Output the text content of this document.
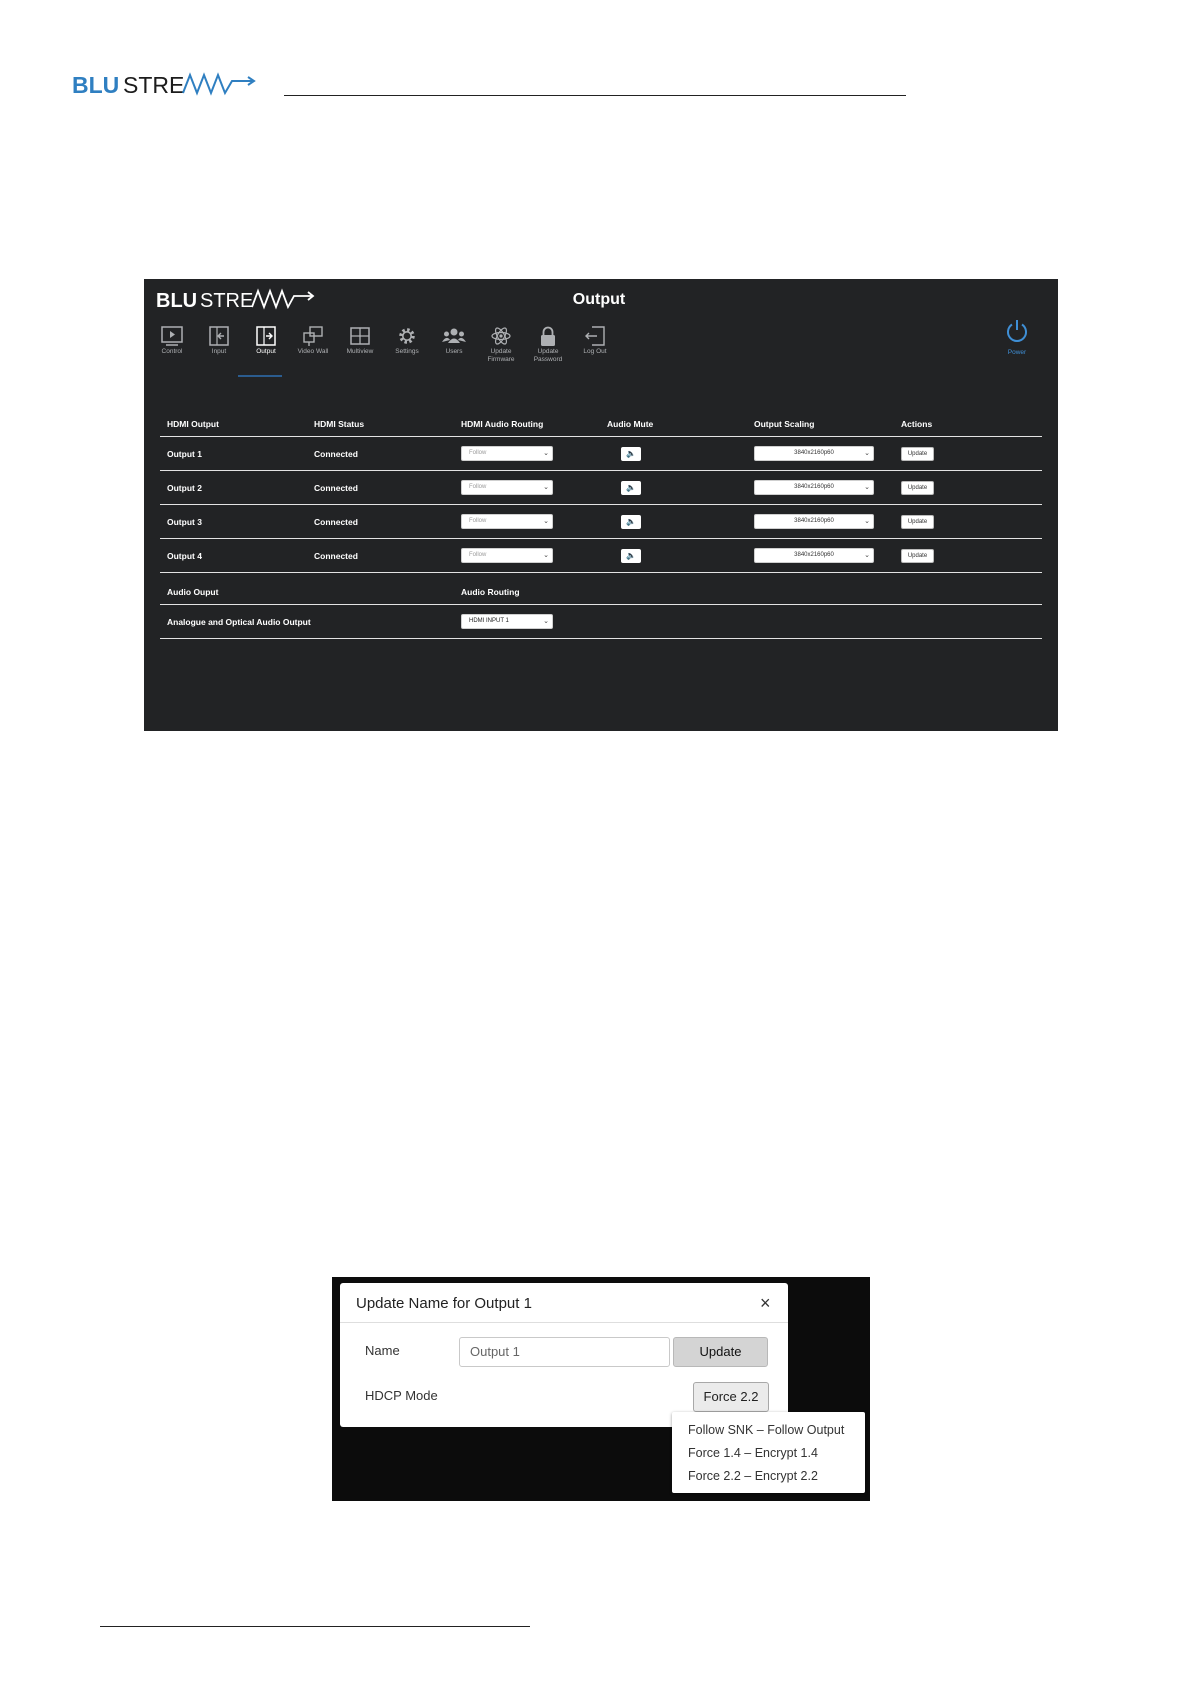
BLU STRE
BLU STRE	Output
Control	Input	Output	Video Wall	Multiview	Settings	Users	Update
Firmware
Update
Password
Log Out	Power
HDMI Output	HDMI Status	HDMI Audio Routing	Audio Mute	Output Scaling	Actions
Output 1	Connected	Follow	⌄	🔈	3840x2160p60	⌄	Update
Output 2	Connected	Follow	⌄	🔈	3840x2160p60	⌄	Update
Output 3	Connected	Follow	⌄	🔈	3840x2160p60	⌄	Update
Output 4	Connected	Follow	⌄	🔈	3840x2160p60	⌄	Update
Audio Ouput	Audio Routing
Analogue and Optical Audio Output	HDMI INPUT 1	⌄
Update Name for Output 1	×
Name	Output 1	Update
HDCP Mode	Force 2.2
Follow SNK – Follow Output
Force 1.4 – Encrypt 1.4
Force 2.2 – Encrypt 2.2
